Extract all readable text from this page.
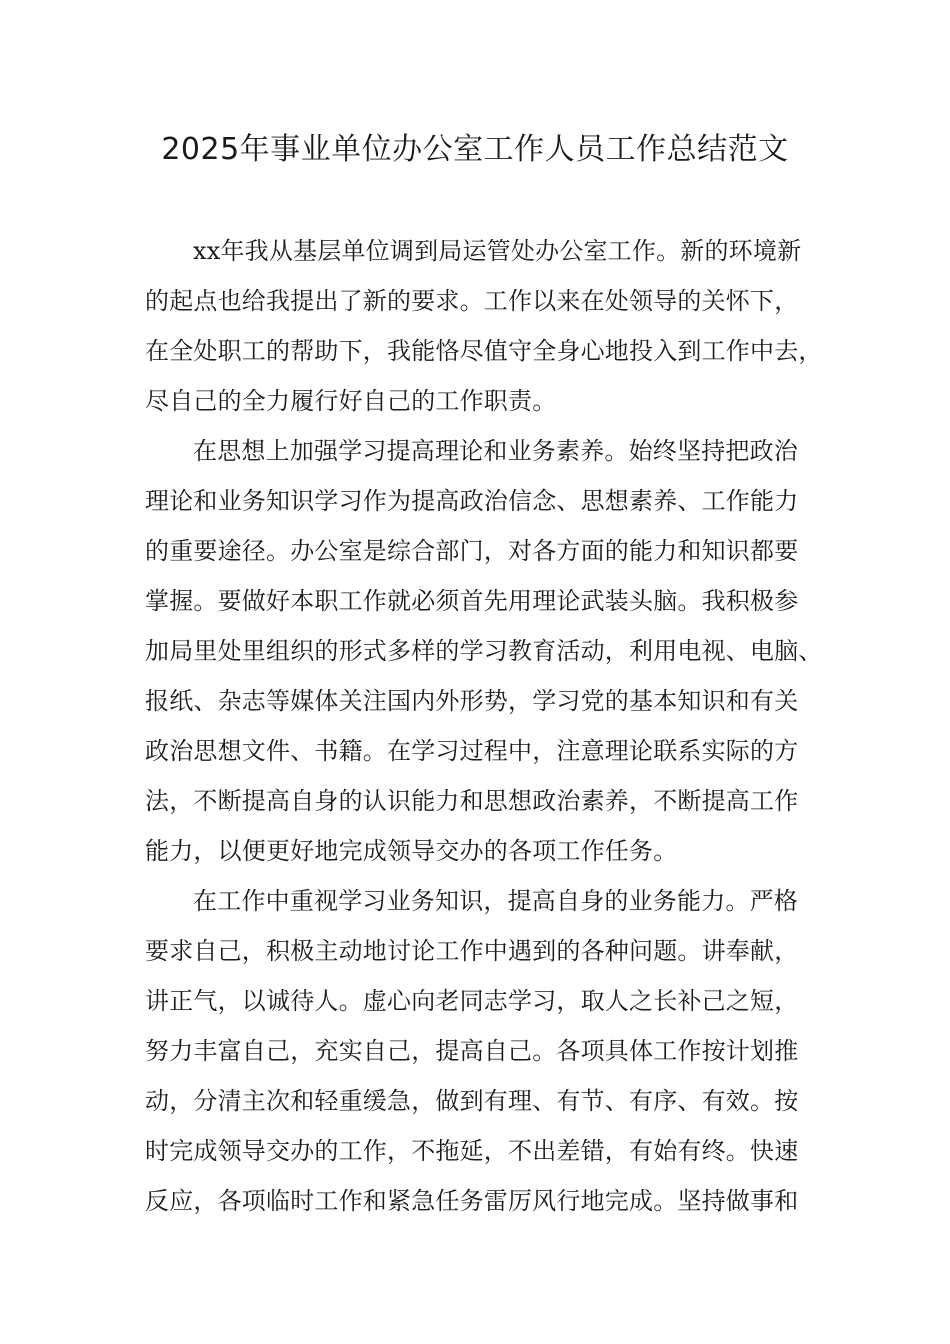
2025年事业单位办公室工作人员工作总结范文
xx年我从基层单位调到局运管处办公室工作。新的环境新
的起点也给我提出了新的要求。工作以来在处领导的关怀下，
在全处职工的帮助下，我能恪尽值守全身心地投入到工作中去，
尽自己的全力履行好自己的工作职责。
在思想上加强学习提高理论和业务素养。始终坚持把政治
理论和业务知识学习作为提高政治信念、思想素养、工作能力
的重要途径。办公室是综合部门，对各方面的能力和知识都要
掌握。要做好本职工作就必须首先用理论武装头脑。我积极参
加局里处里组织的形式多样的学习教育活动，利用电视、电脑、
报纸、杂志等媒体关注国内外形势，学习党的基本知识和有关
政治思想文件、书籍。在学习过程中，注意理论联系实际的方
法，不断提高自身的认识能力和思想政治素养，不断提高工作
能力，以便更好地完成领导交办的各项工作任务。
在工作中重视学习业务知识，提高自身的业务能力。严格
要求自己，积极主动地讨论工作中遇到的各种问题。讲奉献，
讲正气，以诚待人。虚心向老同志学习，取人之长补己之短，
努力丰富自己，充实自己，提高自己。各项具体工作按计划推
动，分清主次和轻重缓急，做到有理、有节、有序、有效。按
时完成领导交办的工作，不拖延，不出差错，有始有终。快速
反应，各项临时工作和紧急任务雷厉风行地完成。坚持做事和
